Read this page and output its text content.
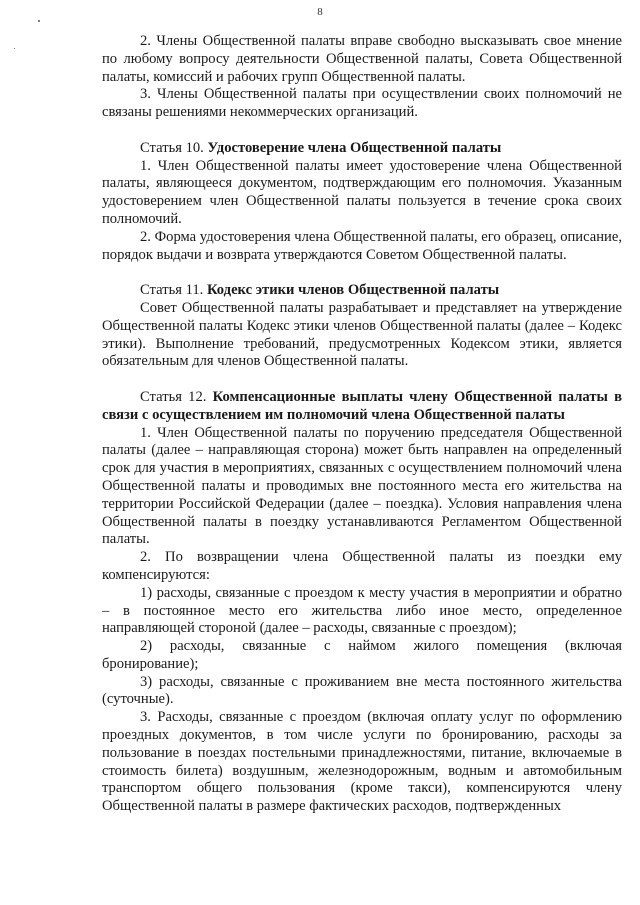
8

2. Члены Общественной палаты вправе свободно высказывать свое мнение по любому вопросу деятельности Общественной палаты, Совета Общественной палаты, комиссий и рабочих групп Общественной палаты.

3. Члены Общественной палаты при осуществлении своих полномочий не связаны решениями некоммерческих организаций.

Статья 10. Удостоверение члена Общественной палаты

1. Член Общественной палаты имеет удостоверение члена Общественной палаты, являющееся документом, подтверждающим его полномочия. Указанным удостоверением член Общественной палаты пользуется в течение срока своих полномочий.

2. Форма удостоверения члена Общественной палаты, его образец, описание, порядок выдачи и возврата утверждаются Советом Общественной палаты.

Статья 11. Кодекс этики членов Общественной палаты

Совет Общественной палаты разрабатывает и представляет на утверждение Общественной палаты Кодекс этики членов Общественной палаты (далее – Кодекс этики). Выполнение требований, предусмотренных Кодексом этики, является обязательным для членов Общественной палаты.

Статья 12. Компенсационные выплаты члену Общественной палаты в связи с осуществлением им полномочий члена Общественной палаты

1. Член Общественной палаты по поручению председателя Общественной палаты (далее – направляющая сторона) может быть направлен на определенный срок для участия в мероприятиях, связанных с осуществлением полномочий члена Общественной палаты и проводимых вне постоянного места его жительства на территории Российской Федерации (далее – поездка). Условия направления члена Общественной палаты в поездку устанавливаются Регламентом Общественной палаты.

2. По возвращении члена Общественной палаты из поездки ему компенсируются:

1) расходы, связанные с проездом к месту участия в мероприятии и обратно – в постоянное место его жительства либо иное место, определенное направляющей стороной (далее – расходы, связанные с проездом);

2) расходы, связанные с наймом жилого помещения (включая бронирование);

3) расходы, связанные с проживанием вне места постоянного жительства (суточные).

3. Расходы, связанные с проездом (включая оплату услуг по оформлению проездных документов, в том числе услуги по бронированию, расходы за пользование в поездах постельными принадлежностями, питание, включаемые в стоимость билета) воздушным, железнодорожным, водным и автомобильным транспортом общего пользования (кроме такси), компенсируются члену Общественной палаты в размере фактических расходов, подтвержденных
